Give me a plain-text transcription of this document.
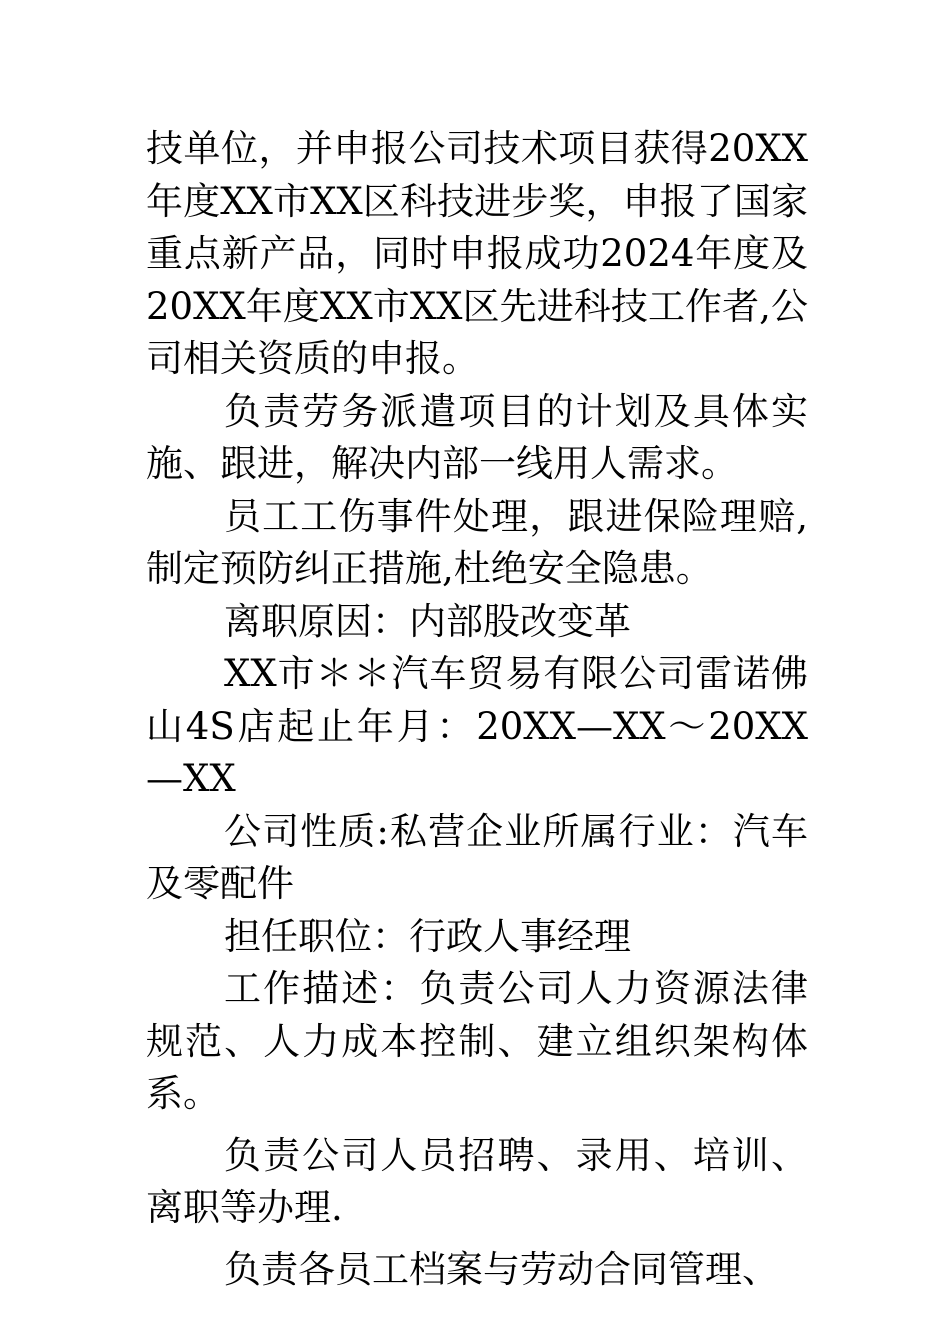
技单位，并申报公司技术项目获得20XX年度XX市XX区科技进步奖，申报了国家重点新产品，同时申报成功2024年度及20XX年度XX市XX区先进科技工作者,公司相关资质的申报。

负责劳务派遣项目的计划及具体实施、跟进，解决内部一线用人需求。

员工工伤事件处理，跟进保险理赔,制定预防纠正措施,杜绝安全隐患。

离职原因：内部股改变革

XX市＊＊汽车贸易有限公司雷诺佛山4S店起止年月：20XX—XX～20XX—XX

公司性质:私营企业所属行业：汽车及零配件

担任职位：行政人事经理

工作描述：负责公司人力资源法律规范、人力成本控制、建立组织架构体系。

负责公司人员招聘、录用、培训、离职等办理.

负责各员工档案与劳动合同管理、
